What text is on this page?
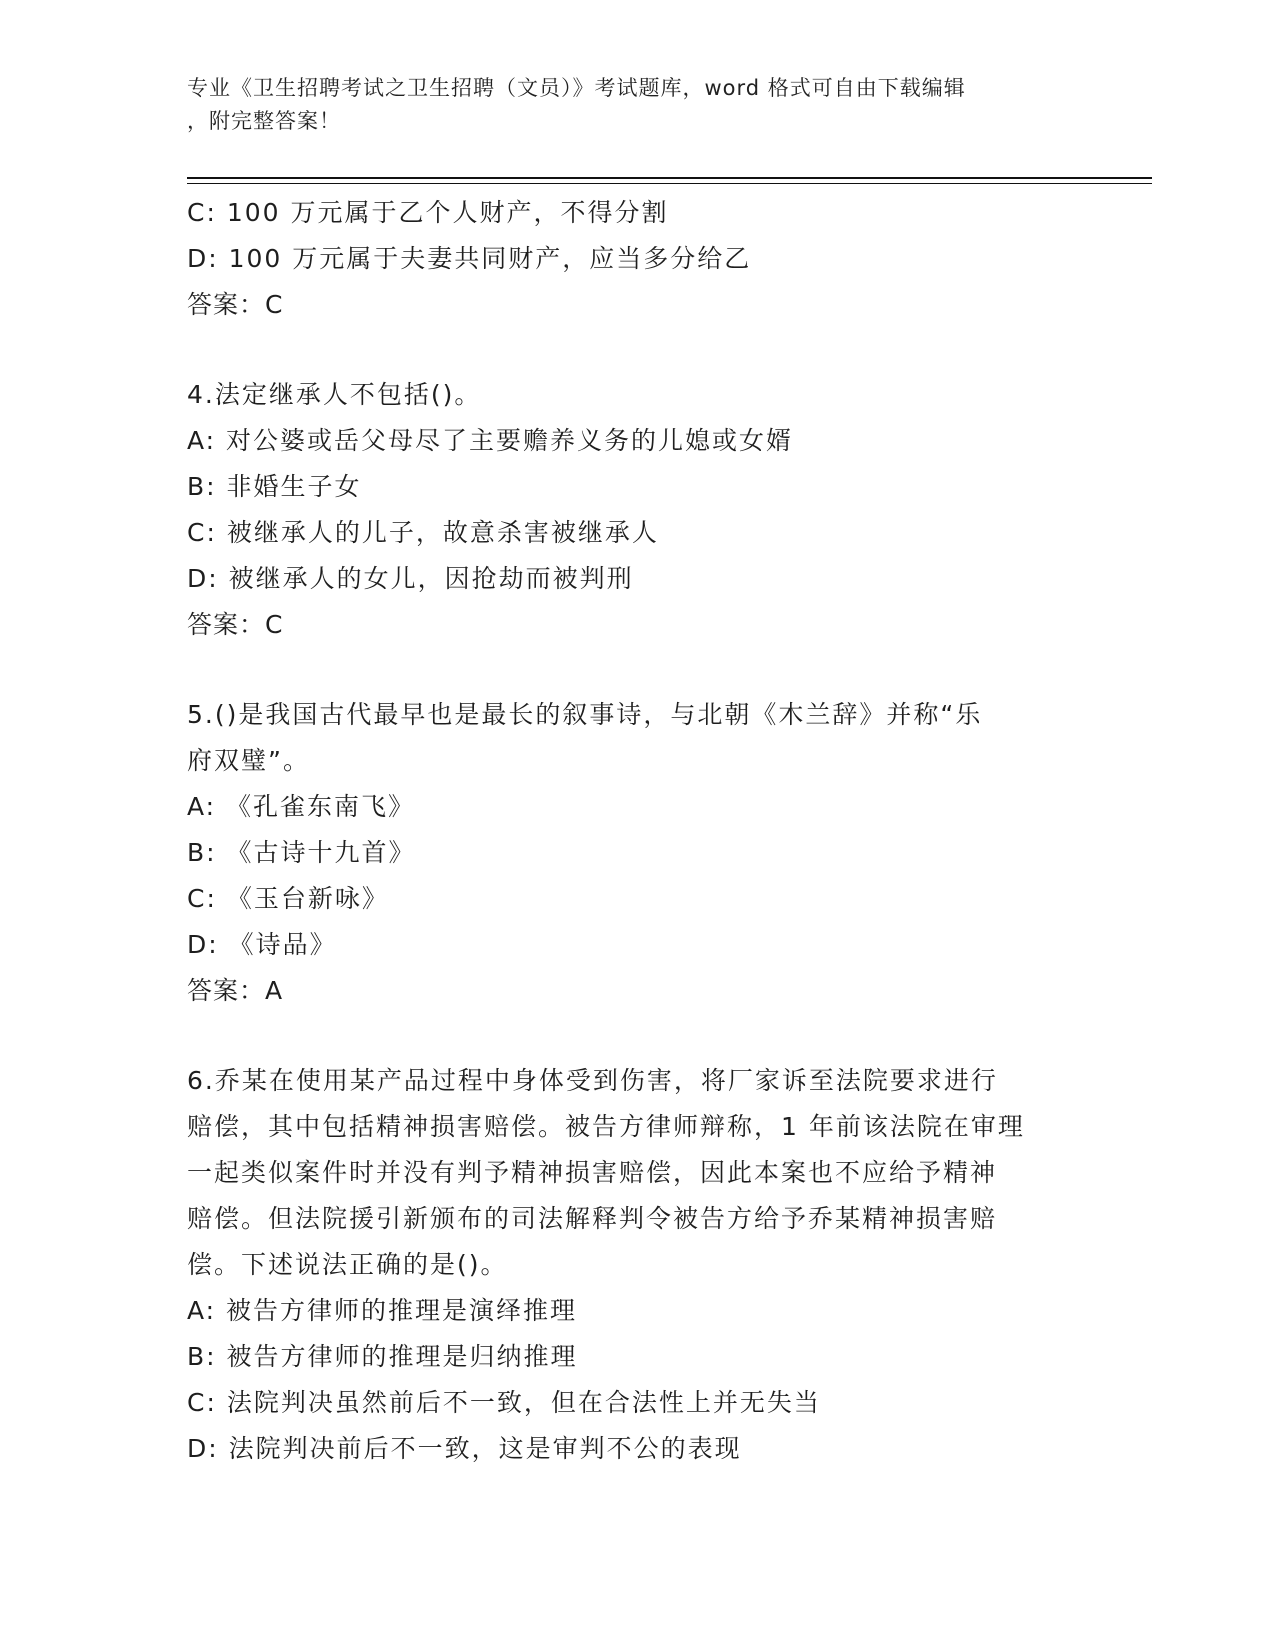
专业《卫生招聘考试之卫生招聘（文员）》考试题库，word 格式可自由下载编辑
，附完整答案！
C: 100 万元属于乙个人财产，不得分割
D: 100 万元属于夫妻共同财产，应当多分给乙
答案：C
4.法定继承人不包括()。
A: 对公婆或岳父母尽了主要赡养义务的儿媳或女婿
B: 非婚生子女
C: 被继承人的儿子，故意杀害被继承人
D: 被继承人的女儿，因抢劫而被判刑
答案：C
5.()是我国古代最早也是最长的叙事诗，与北朝《木兰辞》并称“乐
府双璧”。
A: 《孔雀东南飞》
B: 《古诗十九首》
C: 《玉台新咏》
D: 《诗品》
答案：A
6.乔某在使用某产品过程中身体受到伤害，将厂家诉至法院要求进行
赔偿，其中包括精神损害赔偿。被告方律师辩称，1 年前该法院在审理
一起类似案件时并没有判予精神损害赔偿，因此本案也不应给予精神
赔偿。但法院援引新颁布的司法解释判令被告方给予乔某精神损害赔
偿。下述说法正确的是()。
A: 被告方律师的推理是演绎推理
B: 被告方律师的推理是归纳推理
C: 法院判决虽然前后不一致，但在合法性上并无失当
D: 法院判决前后不一致，这是审判不公的表现
